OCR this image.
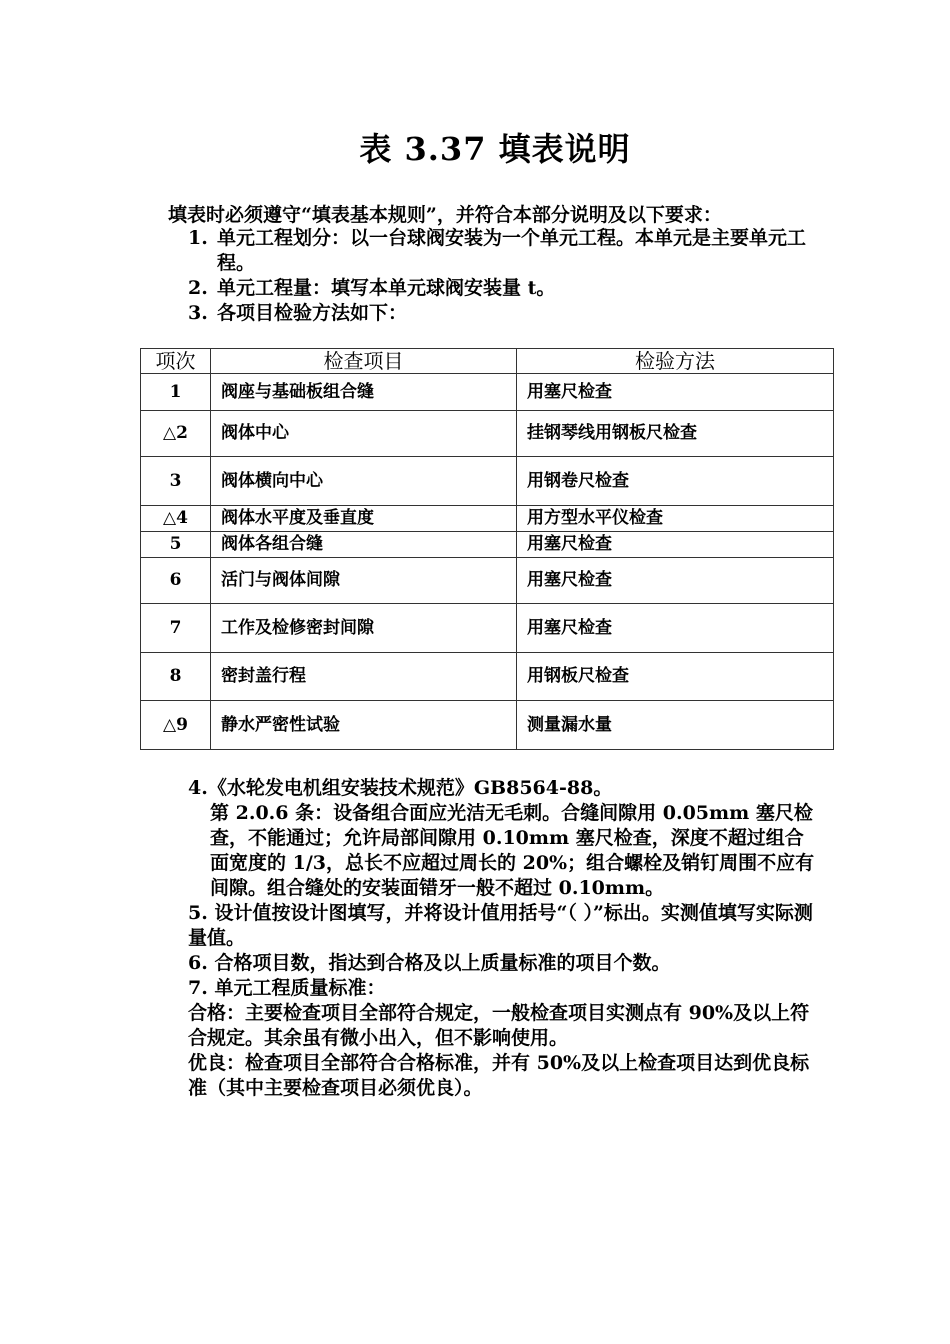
表 3.37 填表说明
填表时必须遵守“填表基本规则”，并符合本部分说明及以下要求：
1. 单元工程划分：以一台球阀安装为一个单元工程。本单元是主要单元工程。
2. 单元工程量：填写本单元球阀安装量 t。
3. 各项目检验方法如下：
项次	检查项目	检验方法
1	阀座与基础板组合缝	用塞尺检查
△2	阀体中心	挂钢琴线用钢板尺检查
3	阀体横向中心	用钢卷尺检查
△4	阀体水平度及垂直度	用方型水平仪检查
5	阀体各组合缝	用塞尺检查
6	活门与阀体间隙	用塞尺检查
7	工作及检修密封间隙	用塞尺检查
8	密封盖行程	用钢板尺检查
△9	静水严密性试验	测量漏水量

4.《水轮发电机组安装技术规范》GB8564-88。

第 2.0.6 条：设备组合面应光洁无毛刺。合缝间隙用 0.05mm 塞尺检查，不能通过；允许局部间隙用 0.10mm 塞尺检查，深度不超过组合面宽度的 1/3，总长不应超过周长的 20%；组合螺栓及销钉周围不应有间隙。组合缝处的安装面错牙一般不超过 0.10mm。

5. 设计值按设计图填写，并将设计值用括号“（ ）”标出。实测值填写实际测量值。

6. 合格项目数，指达到合格及以上质量标准的项目个数。

7. 单元工程质量标准：

合格：主要检查项目全部符合规定，一般检查项目实测点有 90%及以上符合规定。其余虽有微小出入，但不影响使用。

优良：检查项目全部符合合格标准，并有 50%及以上检查项目达到优良标准（其中主要检查项目必须优良）。
